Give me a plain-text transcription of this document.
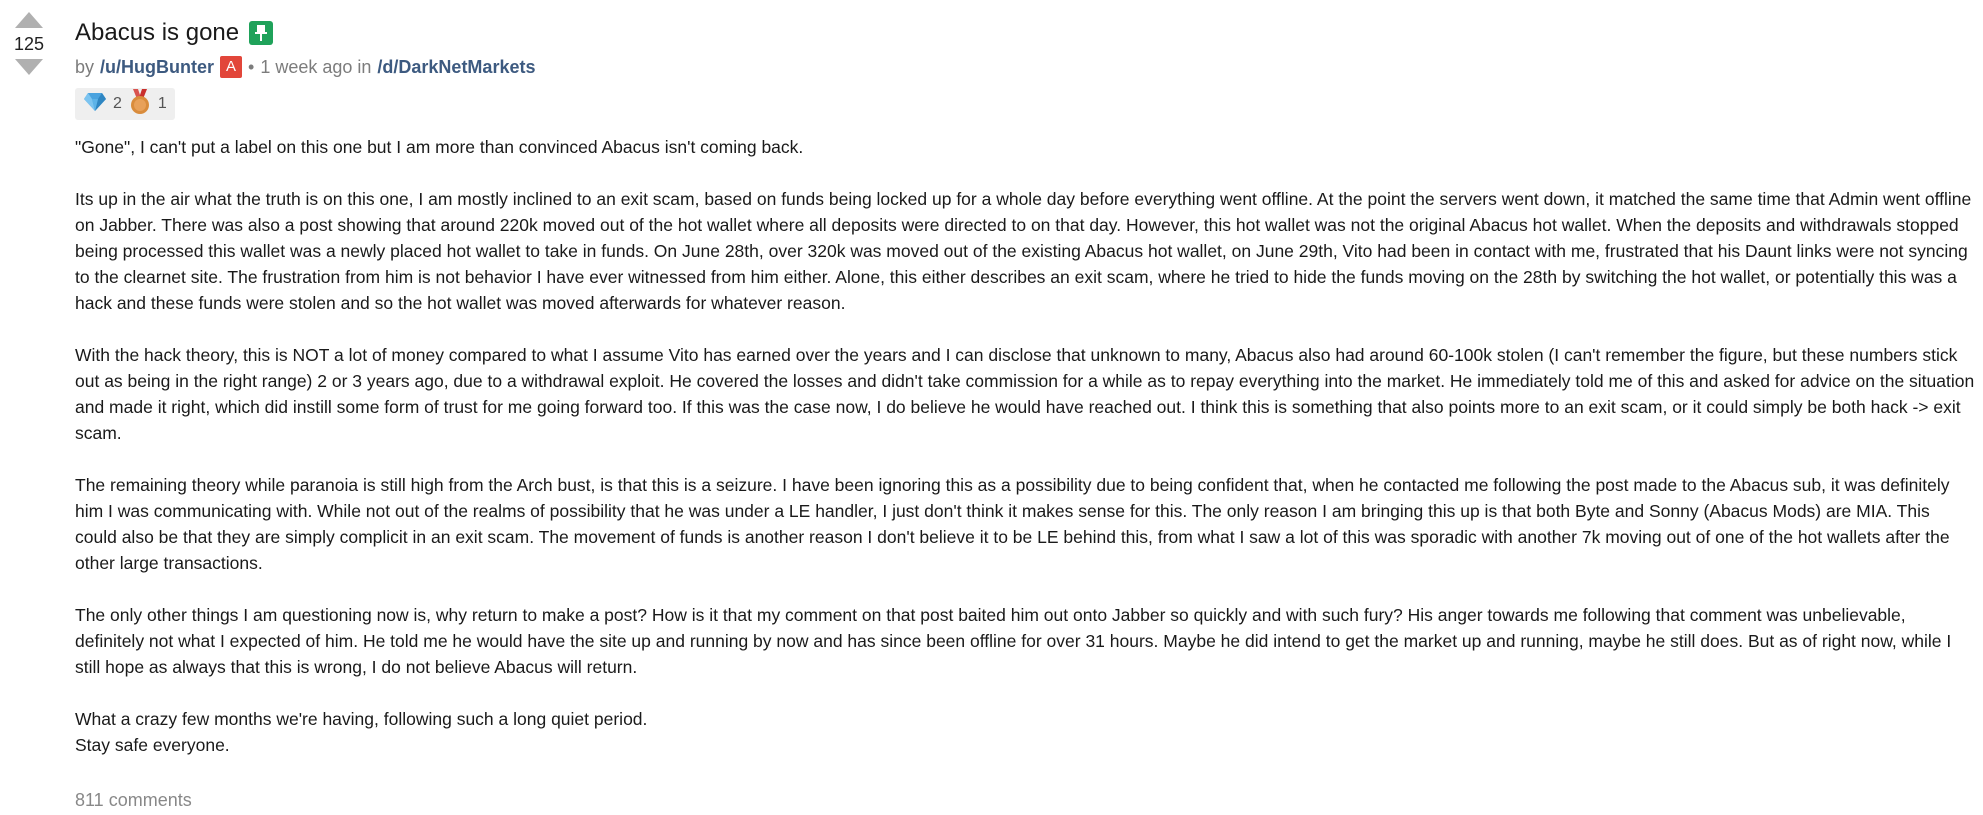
125 Abacus is gone
by /u/HugBunter A • 1 week ago in /d/DarkNetMarkets
2 1

"Gone", I can't put a label on this one but I am more than convinced Abacus isn't coming back.

Its up in the air what the truth is on this one, I am mostly inclined to an exit scam, based on funds being locked up for a whole day before everything went offline. At the point the servers went down, it matched the same time that Admin went offline on Jabber. There was also a post showing that around 220k moved out of the hot wallet where all deposits were directed to on that day. However, this hot wallet was not the original Abacus hot wallet. When the deposits and withdrawals stopped being processed this wallet was a newly placed hot wallet to take in funds. On June 28th, over 320k was moved out of the existing Abacus hot wallet, on June 29th, Vito had been in contact with me, frustrated that his Daunt links were not syncing to the clearnet site. The frustration from him is not behavior I have ever witnessed from him either. Alone, this either describes an exit scam, where he tried to hide the funds moving on the 28th by switching the hot wallet, or potentially this was a hack and these funds were stolen and so the hot wallet was moved afterwards for whatever reason.

With the hack theory, this is NOT a lot of money compared to what I assume Vito has earned over the years and I can disclose that unknown to many, Abacus also had around 60-100k stolen (I can't remember the figure, but these numbers stick out as being in the right range) 2 or 3 years ago, due to a withdrawal exploit. He covered the losses and didn't take commission for a while as to repay everything into the market. He immediately told me of this and asked for advice on the situation and made it right, which did instill some form of trust for me going forward too. If this was the case now, I do believe he would have reached out. I think this is something that also points more to an exit scam, or it could simply be both hack -> exit scam.

The remaining theory while paranoia is still high from the Arch bust, is that this is a seizure. I have been ignoring this as a possibility due to being confident that, when he contacted me following the post made to the Abacus sub, it was definitely him I was communicating with. While not out of the realms of possibility that he was under a LE handler, I just don't think it makes sense for this. The only reason I am bringing this up is that both Byte and Sonny (Abacus Mods) are MIA. This could also be that they are simply complicit in an exit scam. The movement of funds is another reason I don't believe it to be LE behind this, from what I saw a lot of this was sporadic with another 7k moving out of one of the hot wallets after the other large transactions.

The only other things I am questioning now is, why return to make a post? How is it that my comment on that post baited him out onto Jabber so quickly and with such fury? His anger towards me following that comment was unbelievable, definitely not what I expected of him. He told me he would have the site up and running by now and has since been offline for over 31 hours. Maybe he did intend to get the market up and running, maybe he still does. But as of right now, while I still hope as always that this is wrong, I do not believe Abacus will return.

What a crazy few months we're having, following such a long quiet period.

Stay safe everyone.

811 comments
